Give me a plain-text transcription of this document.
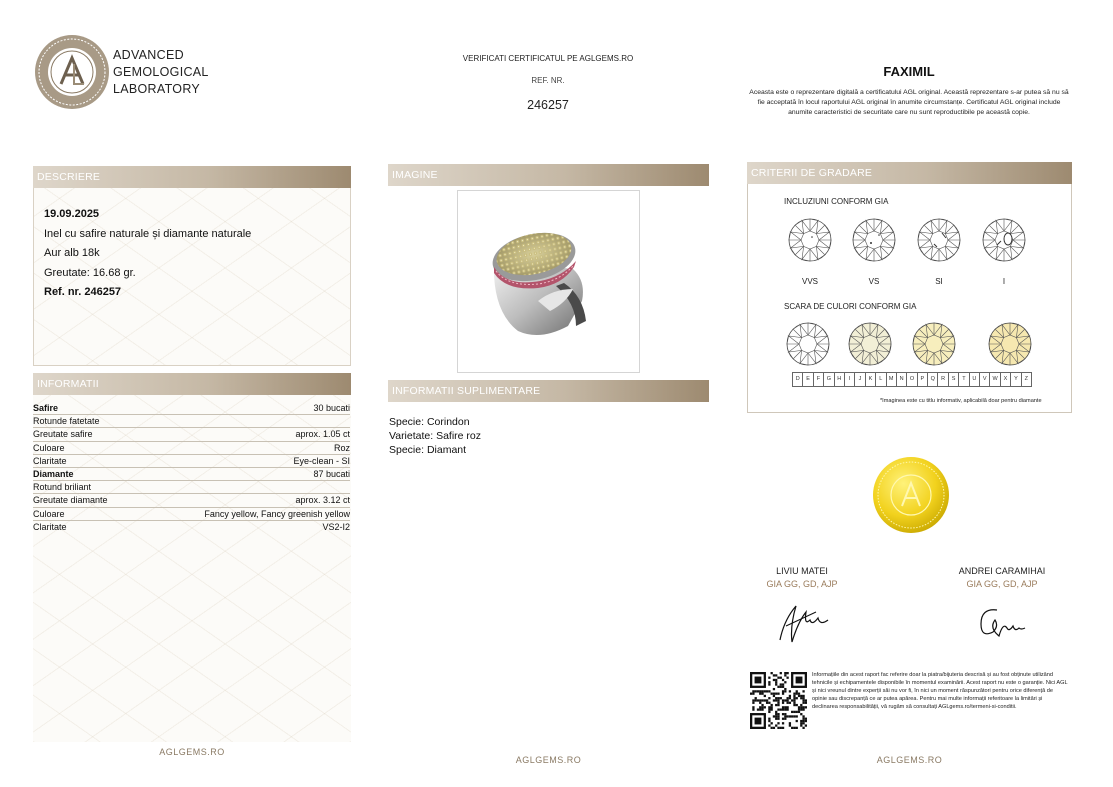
ADVANCED
GEMOLOGICAL
LABORATORY
VERIFICATI CERTIFICATUL PE AGLGEMS.RO
REF. NR.
246257
FAXIMIL
Aceasta este o reprezentare digitală a certificatului AGL original. Această reprezentare s-ar putea să nu să fie acceptată în locul raportului AGL original în anumite circumstanțe. Certificatul AGL original include anumite caracteristici de securitate care nu sunt reproductibile pe această copie.
DESCRIERE
19.09.2025
Inel cu safire naturale și diamante naturale
Aur alb 18k
Greutate: 16.68 gr.
Ref. nr. 246257
INFORMATII
Safire	30 bucati
Rotunde fatetate
Greutate safire	aprox. 1.05 ct
Culoare	Roz
Claritate	Eye-clean - SI
Diamante	87 bucati
Rotund briliant
Greutate diamante	aprox. 3.12 ct
Culoare	Fancy yellow, Fancy greenish yellow
Claritate	VS2-I2
AGLGEMS.RO
IMAGINE
INFORMATII SUPLIMENTARE
Specie: Corindon
Varietate: Safire roz
Specie: Diamant
AGLGEMS.RO
CRITERII DE GRADARE
INCLUZIUNI CONFORM GIA
VVS	VS	SI	I
SCARA DE CULORI CONFORM GIA
D	E	F	G	H	I	J	K	L	M	N	O	P	Q	R	S	T	U	V	W	X	Y	Z
*Imaginea este cu titlu informativ, aplicabilă doar pentru diamante
LIVIU MATEI
GIA GG, GD, AJP
ANDREI CARAMIHAI
GIA GG, GD, AJP
Informațiile din acest raport fac referire doar la piatra/bijuteria descrisă și au fost obținute utilizând tehnicile și echipamentele disponibile în momentul examinării. Acest raport nu este o garanție. Nici AGL și nici vreunul dintre experții săi nu vor fi, în nici un moment răspunzători pentru orice diferență de opinie sau discrepanță ce ar putea apărea. Pentru mai multe informații referitoare la limitări și declinarea responsabilității, vă rugăm să consultați AGLgems.ro/termeni-si-conditii.
AGLGEMS.RO
